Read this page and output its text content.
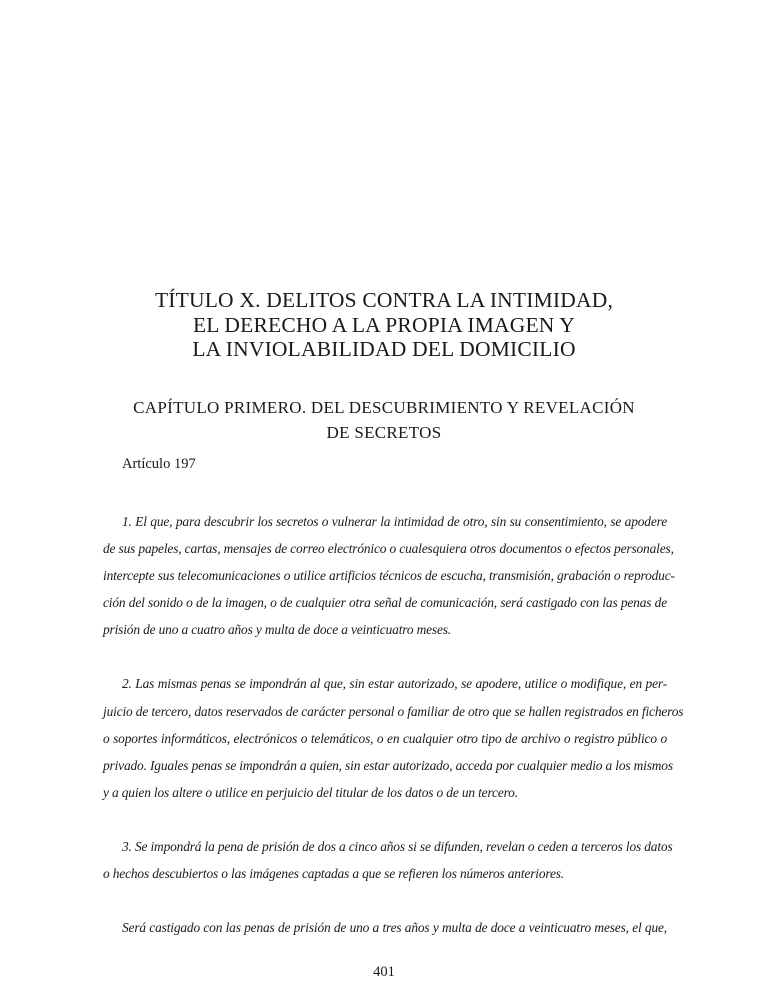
TÍTULO X. DELITOS CONTRA LA INTIMIDAD,
EL DERECHO A LA PROPIA IMAGEN Y
LA INVIOLABILIDAD DEL DOMICILIO
CAPÍTULO PRIMERO. DEL DESCUBRIMIENTO Y REVELACIÓN
DE SECRETOS
Artículo 197
1. El que, para descubrir los secretos o vulnerar la intimidad de otro, sin su consentimiento, se apodere
de sus papeles, cartas, mensajes de correo electrónico o cualesquiera otros documentos o efectos personales,
intercepte sus telecomunicaciones o utilice artificios técnicos de escucha, transmisión, grabación o reproduc-
ción del sonido o de la imagen, o de cualquier otra señal de comunicación, será castigado con las penas de
prisión de uno a cuatro años y multa de doce a veinticuatro meses.
2. Las mismas penas se impondrán al que, sin estar autorizado, se apodere, utilice o modifique, en per-
juicio de tercero, datos reservados de carácter personal o familiar de otro que se hallen registrados en ficheros
o soportes informáticos, electrónicos o telemáticos, o en cualquier otro tipo de archivo o registro público o
privado. Iguales penas se impondrán a quien, sin estar autorizado, acceda por cualquier medio a los mismos
y a quien los altere o utilice en perjuicio del titular de los datos o de un tercero.
3. Se impondrá la pena de prisión de dos a cinco años si se difunden, revelan o ceden a terceros los datos
o hechos descubiertos o las imágenes captadas a que se refieren los números anteriores.
Será castigado con las penas de prisión de uno a tres años y multa de doce a veinticuatro meses, el que,
401
